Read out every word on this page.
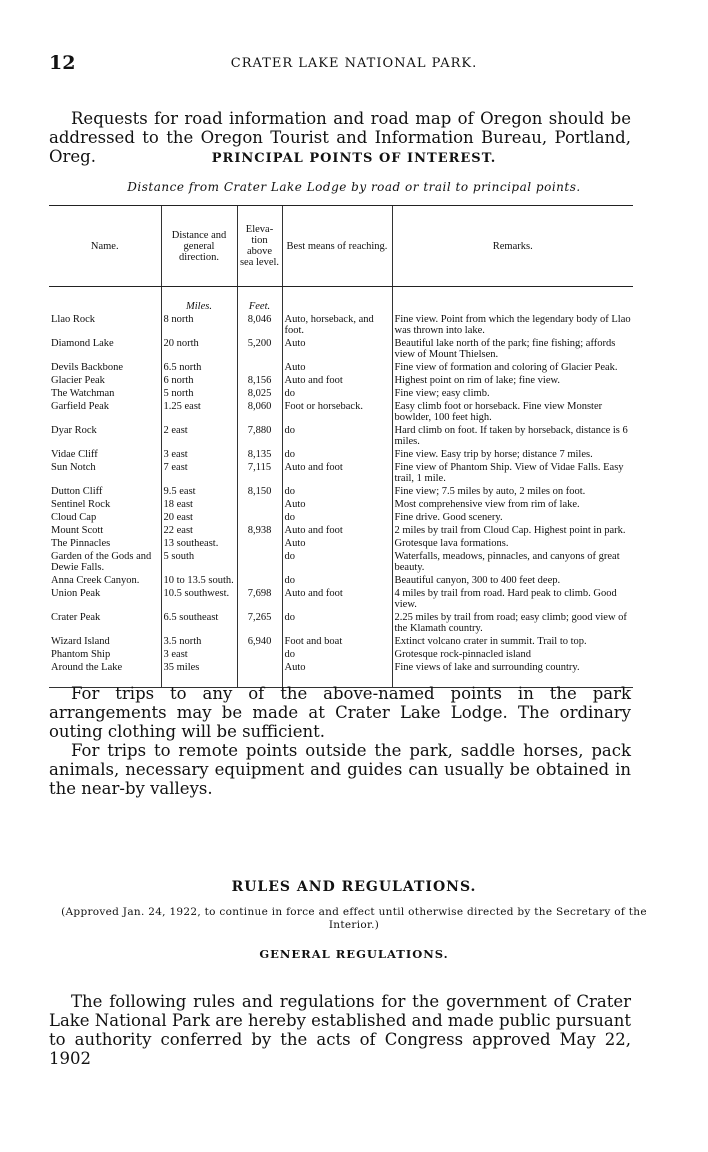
12	CRATER LAKE NATIONAL PARK.

Requests for road information and road map of Oregon should be addressed to the Oregon Tourist and Information Bureau, Portland, Oreg.	PRINCIPAL POINTS OF INTEREST.
Distance from Crater Lake Lodge by road or trail to principal points.
Name.	Distance and general direction.	Eleva-tion above sea level.	Best means of reaching.	Remarks.
	Miles.	Feet.		
Llao Rock	8 north	8,046	Auto, horseback, and foot.	Fine view. Point from which the legendary body of Llao was thrown into lake.
Diamond Lake	20 north	5,200	Auto	Beautiful lake north of the park; fine fishing; affords view of Mount Thielsen.
Devils Backbone	6.5 north		Auto	Fine view of formation and coloring of Glacier Peak.
Glacier Peak	6 north	8,156	Auto and foot	Highest point on rim of lake; fine view.
The Watchman	5 north	8,025	do	Fine view; easy climb.
Garfield Peak	1.25 east	8,060	Foot or horseback.	Easy climb foot or horseback. Fine view Monster bowlder, 100 feet high.
Dyar Rock	2 east	7,880	do	Hard climb on foot. If taken by horseback, distance is 6 miles.
Vidae Cliff	3 east	8,135	do	Fine view. Easy trip by horse; distance 7 miles.
Sun Notch	7 east	7,115	Auto and foot	Fine view of Phantom Ship. View of Vidae Falls. Easy trail, 1 mile.
Dutton Cliff	9.5 east	8,150	do	Fine view; 7.5 miles by auto, 2 miles on foot.
Sentinel Rock	18 east		Auto	Most comprehensive view from rim of lake.
Cloud Cap	20 east		do	Fine drive. Good scenery.
Mount Scott	22 east	8,938	Auto and foot	2 miles by trail from Cloud Cap. Highest point in park.
The Pinnacles	13 southeast.		Auto	Grotesque lava formations.
Garden of the Gods and Dewie Falls.	5 south		do	Waterfalls, meadows, pinnacles, and canyons of great beauty.
Anna Creek Canyon.	10 to 13.5 south.		do	Beautiful canyon, 300 to 400 feet deep.
Union Peak	10.5 southwest.	7,698	Auto and foot	4 miles by trail from road. Hard peak to climb. Good view.
Crater Peak	6.5 southeast	7,265	do	2.25 miles by trail from road; easy climb; good view of the Klamath country.
Wizard Island	3.5 north	6,940	Foot and boat	Extinct volcano crater in summit. Trail to top.
Phantom Ship	3 east		do	Grotesque rock-pinnacled island
Around the Lake	35 miles		Auto	Fine views of lake and surrounding country.

For trips to any of the above-named points in the park arrangements may be made at Crater Lake Lodge. The ordinary outing clothing will be sufficient.

For trips to remote points outside the park, saddle horses, pack animals, necessary equipment and guides can usually be obtained in the near-by valleys.

RULES AND REGULATIONS.
(Approved Jan. 24, 1922, to continue in force and effect until otherwise directed by the Secretary of the Interior.)
GENERAL REGULATIONS.

The following rules and regulations for the government of Crater Lake National Park are hereby established and made public pursuant to authority conferred by the acts of Congress approved May 22, 1902
